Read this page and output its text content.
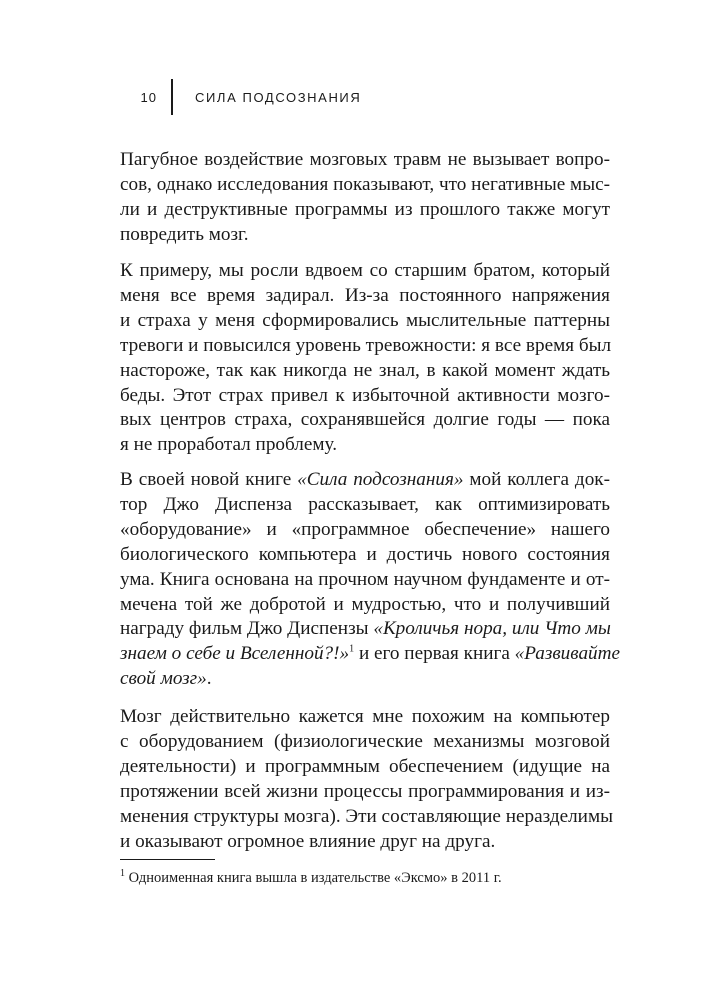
10	СИЛА ПОДСОЗНАНИЯ
Пагубное воздействие мозговых травм не вызывает вопро-
сов, однако исследования показывают, что негативные мыс-
ли и деструктивные программы из прошлого также могут
повредить мозг.
К примеру, мы росли вдвоем со старшим братом, который
меня все время задирал. Из-за постоянного напряжения
и страха у меня сформировались мыслительные паттерны
тревоги и повысился уровень тревожности: я все время был
настороже, так как никогда не знал, в какой момент ждать
беды. Этот страх привел к избыточной активности мозго-
вых центров страха, сохранявшейся долгие годы — пока
я не проработал проблему.
В своей новой книге «Сила подсознания» мой коллега док-
тор Джо Диспенза рассказывает, как оптимизировать
«оборудование» и «программное обеспечение» нашего
биологического компьютера и достичь нового состояния
ума. Книга основана на прочном научном фундаменте и от-
мечена той же добротой и мудростью, что и получивший
награду фильм Джо Диспензы «Кроличья нора, или Что мы
знаем о себе и Вселенной?!»$^1$ и его первая книга «Развивайте
свой мозг».
Мозг действительно кажется мне похожим на компьютер
с оборудованием (физиологические механизмы мозговой
деятельности) и программным обеспечением (идущие на
протяжении всей жизни процессы программирования и из-
менения структуры мозга). Эти составляющие неразделимы
и оказывают огромное влияние друг на друга.
$^1$ Одноименная книга вышла в издательстве «Эксмо» в 2011 г.
